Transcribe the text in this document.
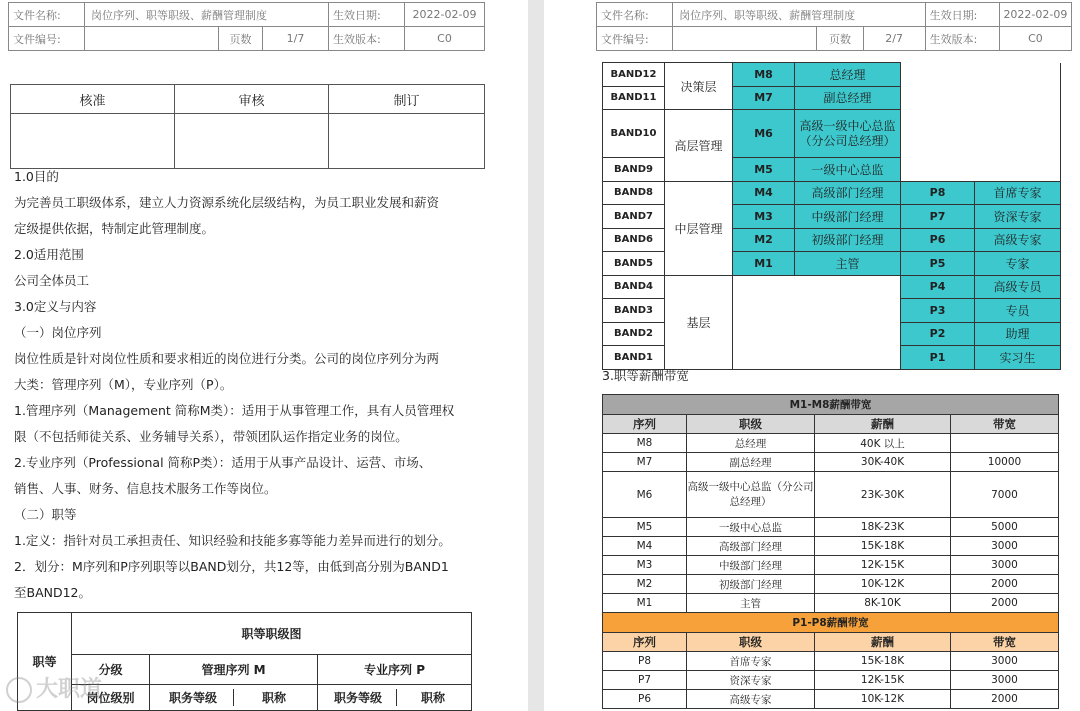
文件名称:	岗位序列、职等职级、薪酬管理制度			生效日期:	2022-02-09
文件编号:		页数	1/7	生效版本:	C0
核准	审核	制订

1.0目的

为完善员工职级体系，建立人力资源系统化层级结构，为员工职业发展和薪资

定级提供依据，特制定此管理制度。

2.0适用范围

公司全体员工

3.0定义与内容

（一）岗位序列

岗位性质是针对岗位性质和要求相近的岗位进行分类。公司的岗位序列分为两

大类：管理序列（M），专业序列（P）。

1.管理序列（Management 简称M类）：适用于从事管理工作，具有人员管理权

限（不包括师徒关系、业务辅导关系），带领团队运作指定业务的岗位。

2.专业序列（Professional 简称P类）：适用于从事产品设计、运营、市场、

销售、人事、财务、信息技术服务工作等岗位。

（二）职等

1.定义：指针对员工承担责任、知识经验和技能多寡等能力差异而进行的划分。

2．划分：M序列和P序列职等以BAND划分，共12等，由低到高分别为BAND1

至BAND12。

职等	职等职级图		
	分级	管理序列 M	专业序列 P
	岗位级别	职务等级 职称	职务等级 职称
大职道
文件名称:	岗位序列、职等职级、薪酬管理制度			生效日期:	2022-02-09
文件编号:		页数	2/7	生效版本:	C0
BAND12	决策层	M8	总经理		
BAND11		M7	副总经理		
BAND10	高层管理	M6	高级一级中心总监（分公司总经理）		
BAND9		M5	一级中心总监		
BAND8	中层管理	M4	高级部门经理	P8	首席专家
BAND7		M3	中级部门经理	P7	资深专家
BAND6		M2	初级部门经理	P6	高级专家
BAND5		M1	主管	P5	专家
BAND4	基层			P4	高级专员
BAND3				P3	专员
BAND2				P2	助理
BAND1				P1	实习生
3.职等薪酬带宽
M1-M8薪酬带宽			
序列	职级	薪酬	带宽
M8	总经理	40K 以上	
M7	副总经理	30K-40K	10000
M6	高级一级中心总监（分公司总经理）	23K-30K	7000
M5	一级中心总监	18K-23K	5000
M4	高级部门经理	15K-18K	3000
M3	中级部门经理	12K-15K	3000
M2	初级部门经理	10K-12K	2000
M1	主管	8K-10K	2000
P1-P8薪酬带宽			
序列	职级	薪酬	带宽
P8	首席专家	15K-18K	3000
P7	资深专家	12K-15K	3000
P6	高级专家	10K-12K	2000
